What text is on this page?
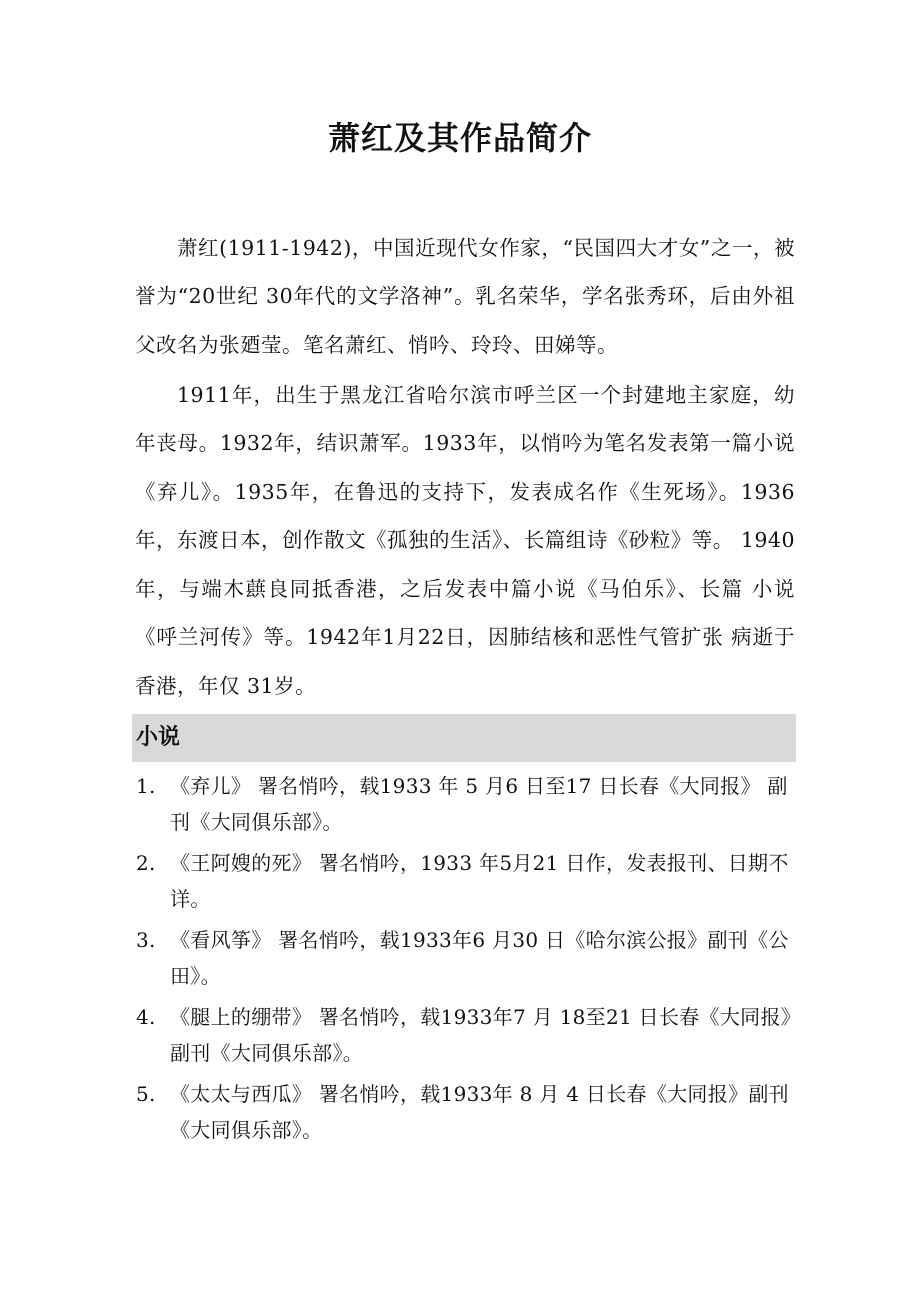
萧红及其作品简介

萧红(1911-1942)，中国近现代女作家，“民国四大才女”之一，被誉为“20世纪 30年代的文学洛神”。乳名荣华，学名张秀环，后由外祖父改名为张廼莹。笔名萧红、悄吟、玲玲、田娣等。

1911年，出生于黑龙江省哈尔滨市呼兰区一个封建地主家庭，幼年丧母。1932年，结识萧军。1933年，以悄吟为笔名发表第一篇小说《弃儿》。1935年，在鲁迅的支持下，发表成名作《生死场》。1936年，东渡日本，创作散文《孤独的生活》、长篇组诗《砂粒》等。 1940年，与端木蕻良同抵香港，之后发表中篇小说《马伯乐》、长篇 小说《呼兰河传》等。1942年1月22日，因肺结核和恶性气管扩张 病逝于香港，年仅 31岁。

小说
1. 《弃儿》 署名悄吟，载1933 年 5 月6 日至17 日长春《大同报》 副刊《大同俱乐部》。
2. 《王阿嫂的死》 署名悄吟，1933 年5月21 日作，发表报刊、日期不详。
3. 《看风筝》 署名悄吟，载1933年6 月30 日《哈尔滨公报》副刊《公田》。
4. 《腿上的绷带》 署名悄吟，载1933年7 月 18至21 日长春《大同报》副刊《大同俱乐部》。
5. 《太太与西瓜》 署名悄吟，载1933年 8 月 4 日长春《大同报》副刊《大同俱乐部》。
